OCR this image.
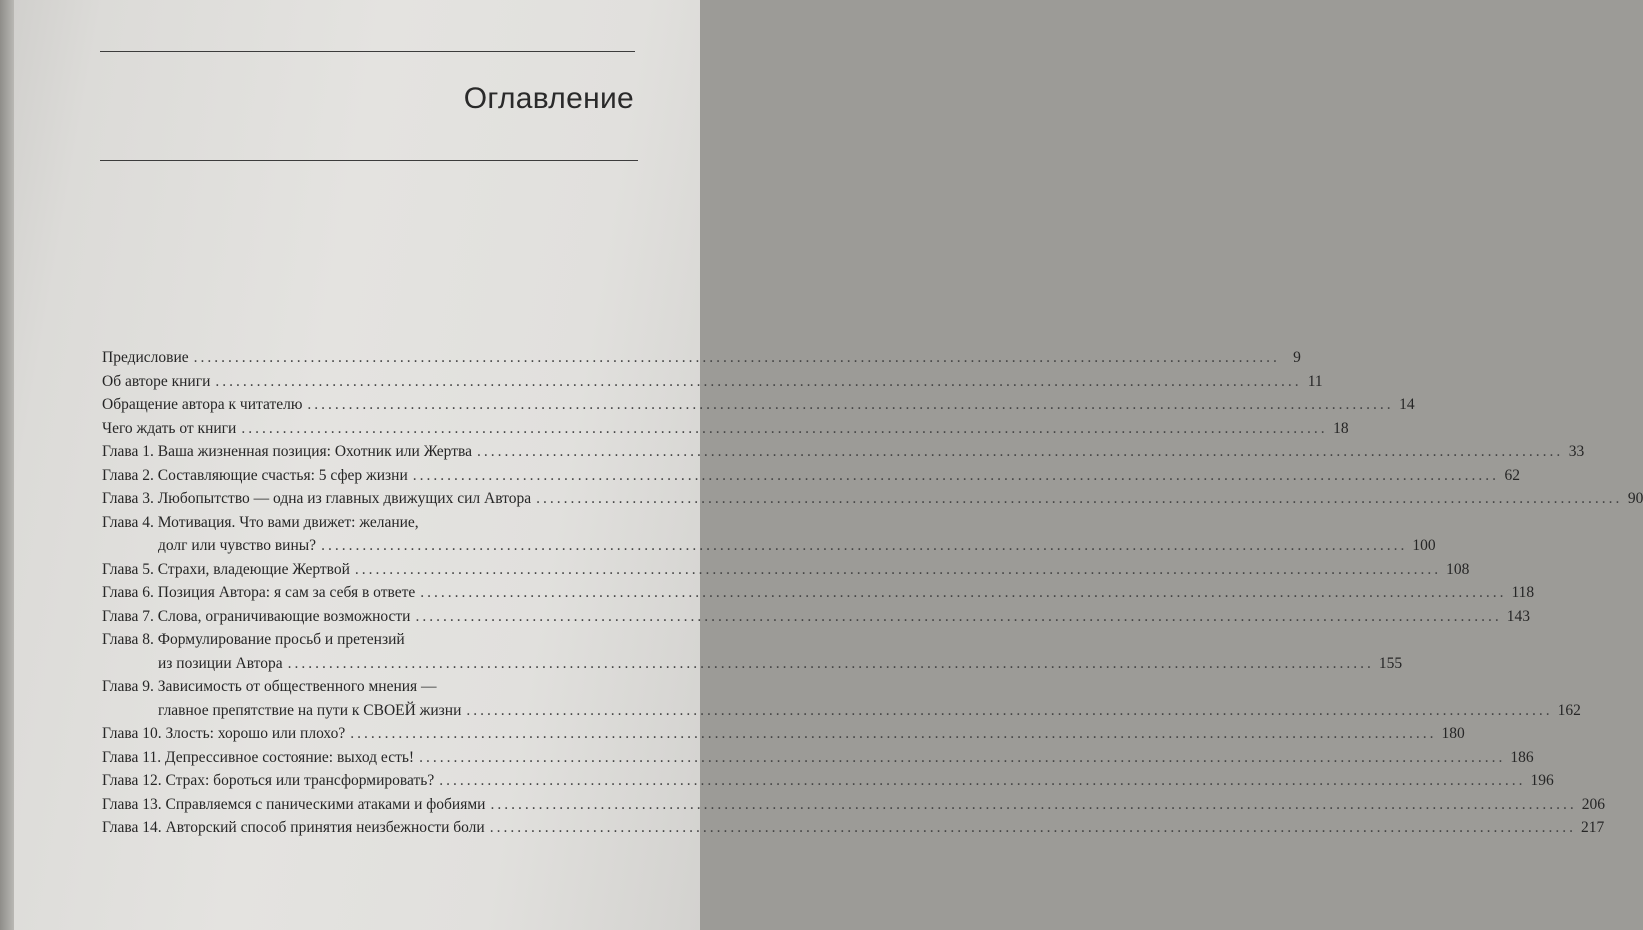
Оглавление
Предисловие .............................................................................................................................................................. 9
Об авторе книги .............................................................................................................................................................. 11
Обращение автора к читателю .............................................................................................................................................................. 14
Чего ждать от книги .............................................................................................................................................................. 18
Глава 1. Ваша жизненная позиция: Охотник или Жертва .............................................................................................................................................................. 33
Глава 2. Составляющие счастья: 5 сфер жизни .............................................................................................................................................................. 62
Глава 3. Любопытство — одна из главных движущих сил Автора .............................................................................................................................................................. 90
Глава 4. Мотивация. Что вами движет: желание,
долг или чувство вины? .............................................................................................................................................................. 100
Глава 5. Страхи, владеющие Жертвой .............................................................................................................................................................. 108
Глава 6. Позиция Автора: я сам за себя в ответе .............................................................................................................................................................. 118
Глава 7. Слова, ограничивающие возможности .............................................................................................................................................................. 143
Глава 8. Формулирование просьб и претензий
из позиции Автора .............................................................................................................................................................. 155
Глава 9. Зависимость от общественного мнения —
главное препятствие на пути к СВОЕЙ жизни .............................................................................................................................................................. 162
Глава 10. Злость: хорошо или плохо? .............................................................................................................................................................. 180
Глава 11. Депрессивное состояние: выход есть! .............................................................................................................................................................. 186
Глава 12. Страх: бороться или трансформировать? .............................................................................................................................................................. 196
Глава 13. Справляемся с паническими атаками и фобиями .............................................................................................................................................................. 206
Глава 14. Авторский способ принятия неизбежности боли .............................................................................................................................................................. 217
